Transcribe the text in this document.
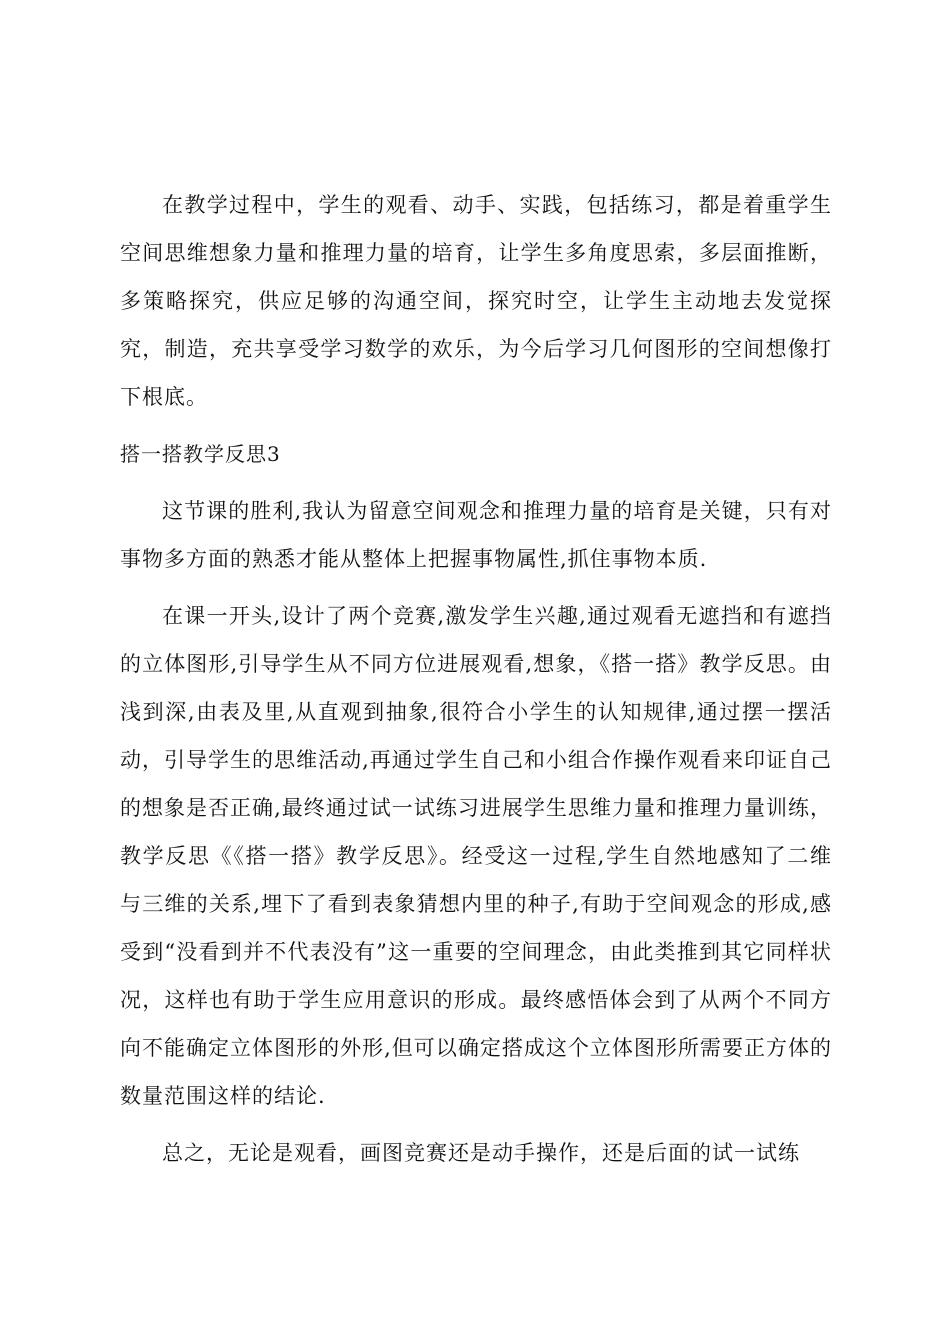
在教学过程中，学生的观看、动手、实践，包括练习，都是着重学生空间思维想象力量和推理力量的培育，让学生多角度思索，多层面推断，多策略探究，供应足够的沟通空间，探究时空，让学生主动地去发觉探究，制造，充共享受学习数学的欢乐，为今后学习几何图形的空间想像打下根底。

搭一搭教学反思3

这节课的胜利,我认为留意空间观念和推理力量的培育是关键，只有对事物多方面的熟悉才能从整体上把握事物属性,抓住事物本质.

在课一开头,设计了两个竞赛,激发学生兴趣,通过观看无遮挡和有遮挡的立体图形,引导学生从不同方位进展观看,想象，《搭一搭》教学反思。由浅到深,由表及里,从直观到抽象,很符合小学生的认知规律,通过摆一摆活动，引导学生的思维活动,再通过学生自己和小组合作操作观看来印证自己的想象是否正确,最终通过试一试练习进展学生思维力量和推理力量训练，教学反思《《搭一搭》教学反思》。经受这一过程,学生自然地感知了二维与三维的关系,埋下了看到表象猜想内里的种子,有助于空间观念的形成,感受到“没看到并不代表没有”这一重要的空间理念，由此类推到其它同样状况，这样也有助于学生应用意识的形成。最终感悟体会到了从两个不同方向不能确定立体图形的外形,但可以确定搭成这个立体图形所需要正方体的数量范围这样的结论.

总之，无论是观看，画图竞赛还是动手操作，还是后面的试一试练
